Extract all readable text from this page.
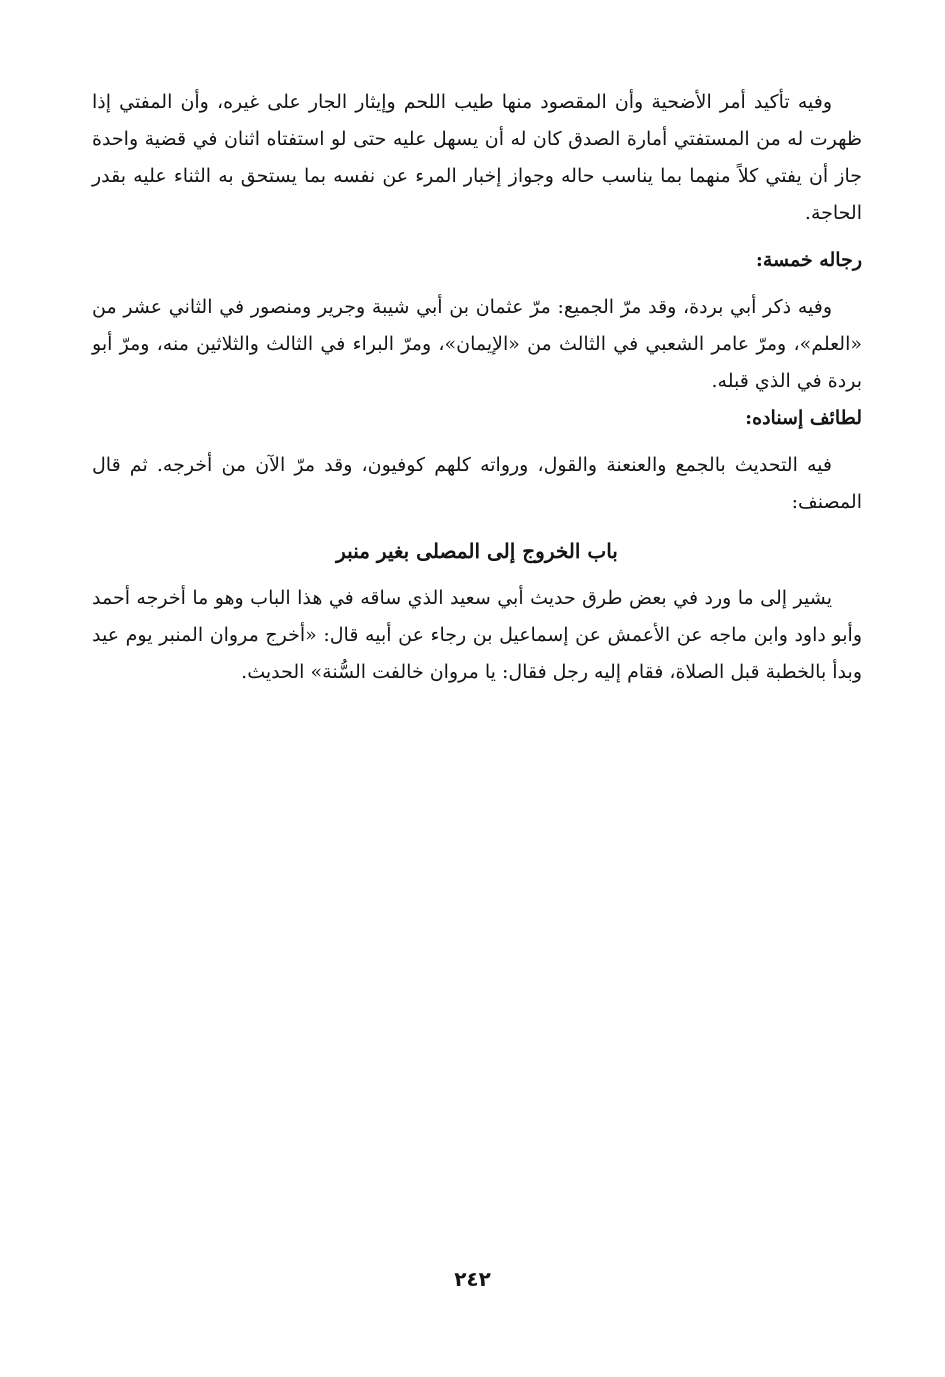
وفيه تأكيد أمر الأضحية وأن المقصود منها طيب اللحم وإيثار الجار على غيره، وأن المفتي إذا ظهرت له من المستفتي أمارة الصدق كان له أن يسهل عليه حتى لو استفتاه اثنان في قضية واحدة جاز أن يفتي كلاً منهما بما يناسب حاله وجواز إخبار المرء عن نفسه بما يستحق به الثناء عليه بقدر الحاجة.

رجاله خمسة:

وفيه ذكر أبي بردة، وقد مرّ الجميع: مرّ عثمان بن أبي شيبة وجرير ومنصور في الثاني عشر من «العلم»، ومرّ عامر الشعبي في الثالث من «الإيمان»، ومرّ البراء في الثالث والثلاثين منه، ومرّ أبو بردة في الذي قبله.

لطائف إسناده:

فيه التحديث بالجمع والعنعنة والقول، ورواته كلهم كوفيون، وقد مرّ الآن من أخرجه. ثم قال المصنف:

باب الخروج إلى المصلى بغير منبر

يشير إلى ما ورد في بعض طرق حديث أبي سعيد الذي ساقه في هذا الباب وهو ما أخرجه أحمد وأبو داود وابن ماجه عن الأعمش عن إسماعيل بن رجاء عن أبيه قال: «أخرج مروان المنبر يوم عيد وبدأ بالخطبة قبل الصلاة، فقام إليه رجل فقال: يا مروان خالفت السُّنة» الحديث.

٢٤٢
